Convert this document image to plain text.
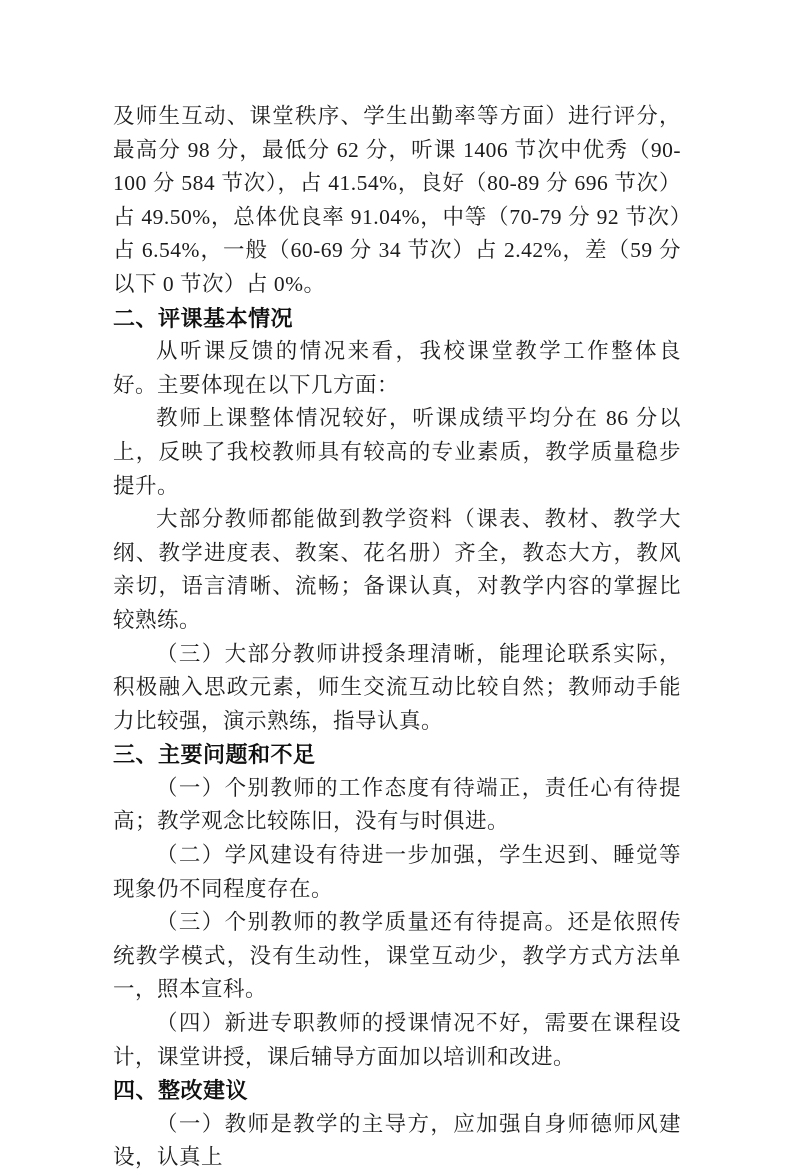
及师生互动、课堂秩序、学生出勤率等方面）进行评分，最高分 98 分，最低分 62 分，听课 1406 节次中优秀（90-100 分 584 节次），占 41.54%，良好（80-89 分 696 节次）占 49.50%，总体优良率 91.04%，中等（70-79 分 92 节次）占 6.54%，一般（60-69 分 34 节次）占 2.42%，差（59 分以下 0 节次）占 0%。

二、评课基本情况

从听课反馈的情况来看，我校课堂教学工作整体良好。主要体现在以下几方面：

教师上课整体情况较好，听课成绩平均分在 86 分以上，反映了我校教师具有较高的专业素质，教学质量稳步提升。

大部分教师都能做到教学资料（课表、教材、教学大纲、教学进度表、教案、花名册）齐全，教态大方，教风亲切，语言清晰、流畅；备课认真，对教学内容的掌握比较熟练。

（三）大部分教师讲授条理清晰，能理论联系实际，积极融入思政元素，师生交流互动比较自然；教师动手能力比较强，演示熟练，指导认真。

三、主要问题和不足

（一）个别教师的工作态度有待端正，责任心有待提高；教学观念比较陈旧，没有与时俱进。

（二）学风建设有待进一步加强，学生迟到、睡觉等现象仍不同程度存在。

（三）个别教师的教学质量还有待提高。还是依照传统教学模式，没有生动性，课堂互动少，教学方式方法单一，照本宣科。

（四）新进专职教师的授课情况不好，需要在课程设计，课堂讲授，课后辅导方面加以培训和改进。

四、整改建议

（一）教师是教学的主导方，应加强自身师德师风建设，认真上
